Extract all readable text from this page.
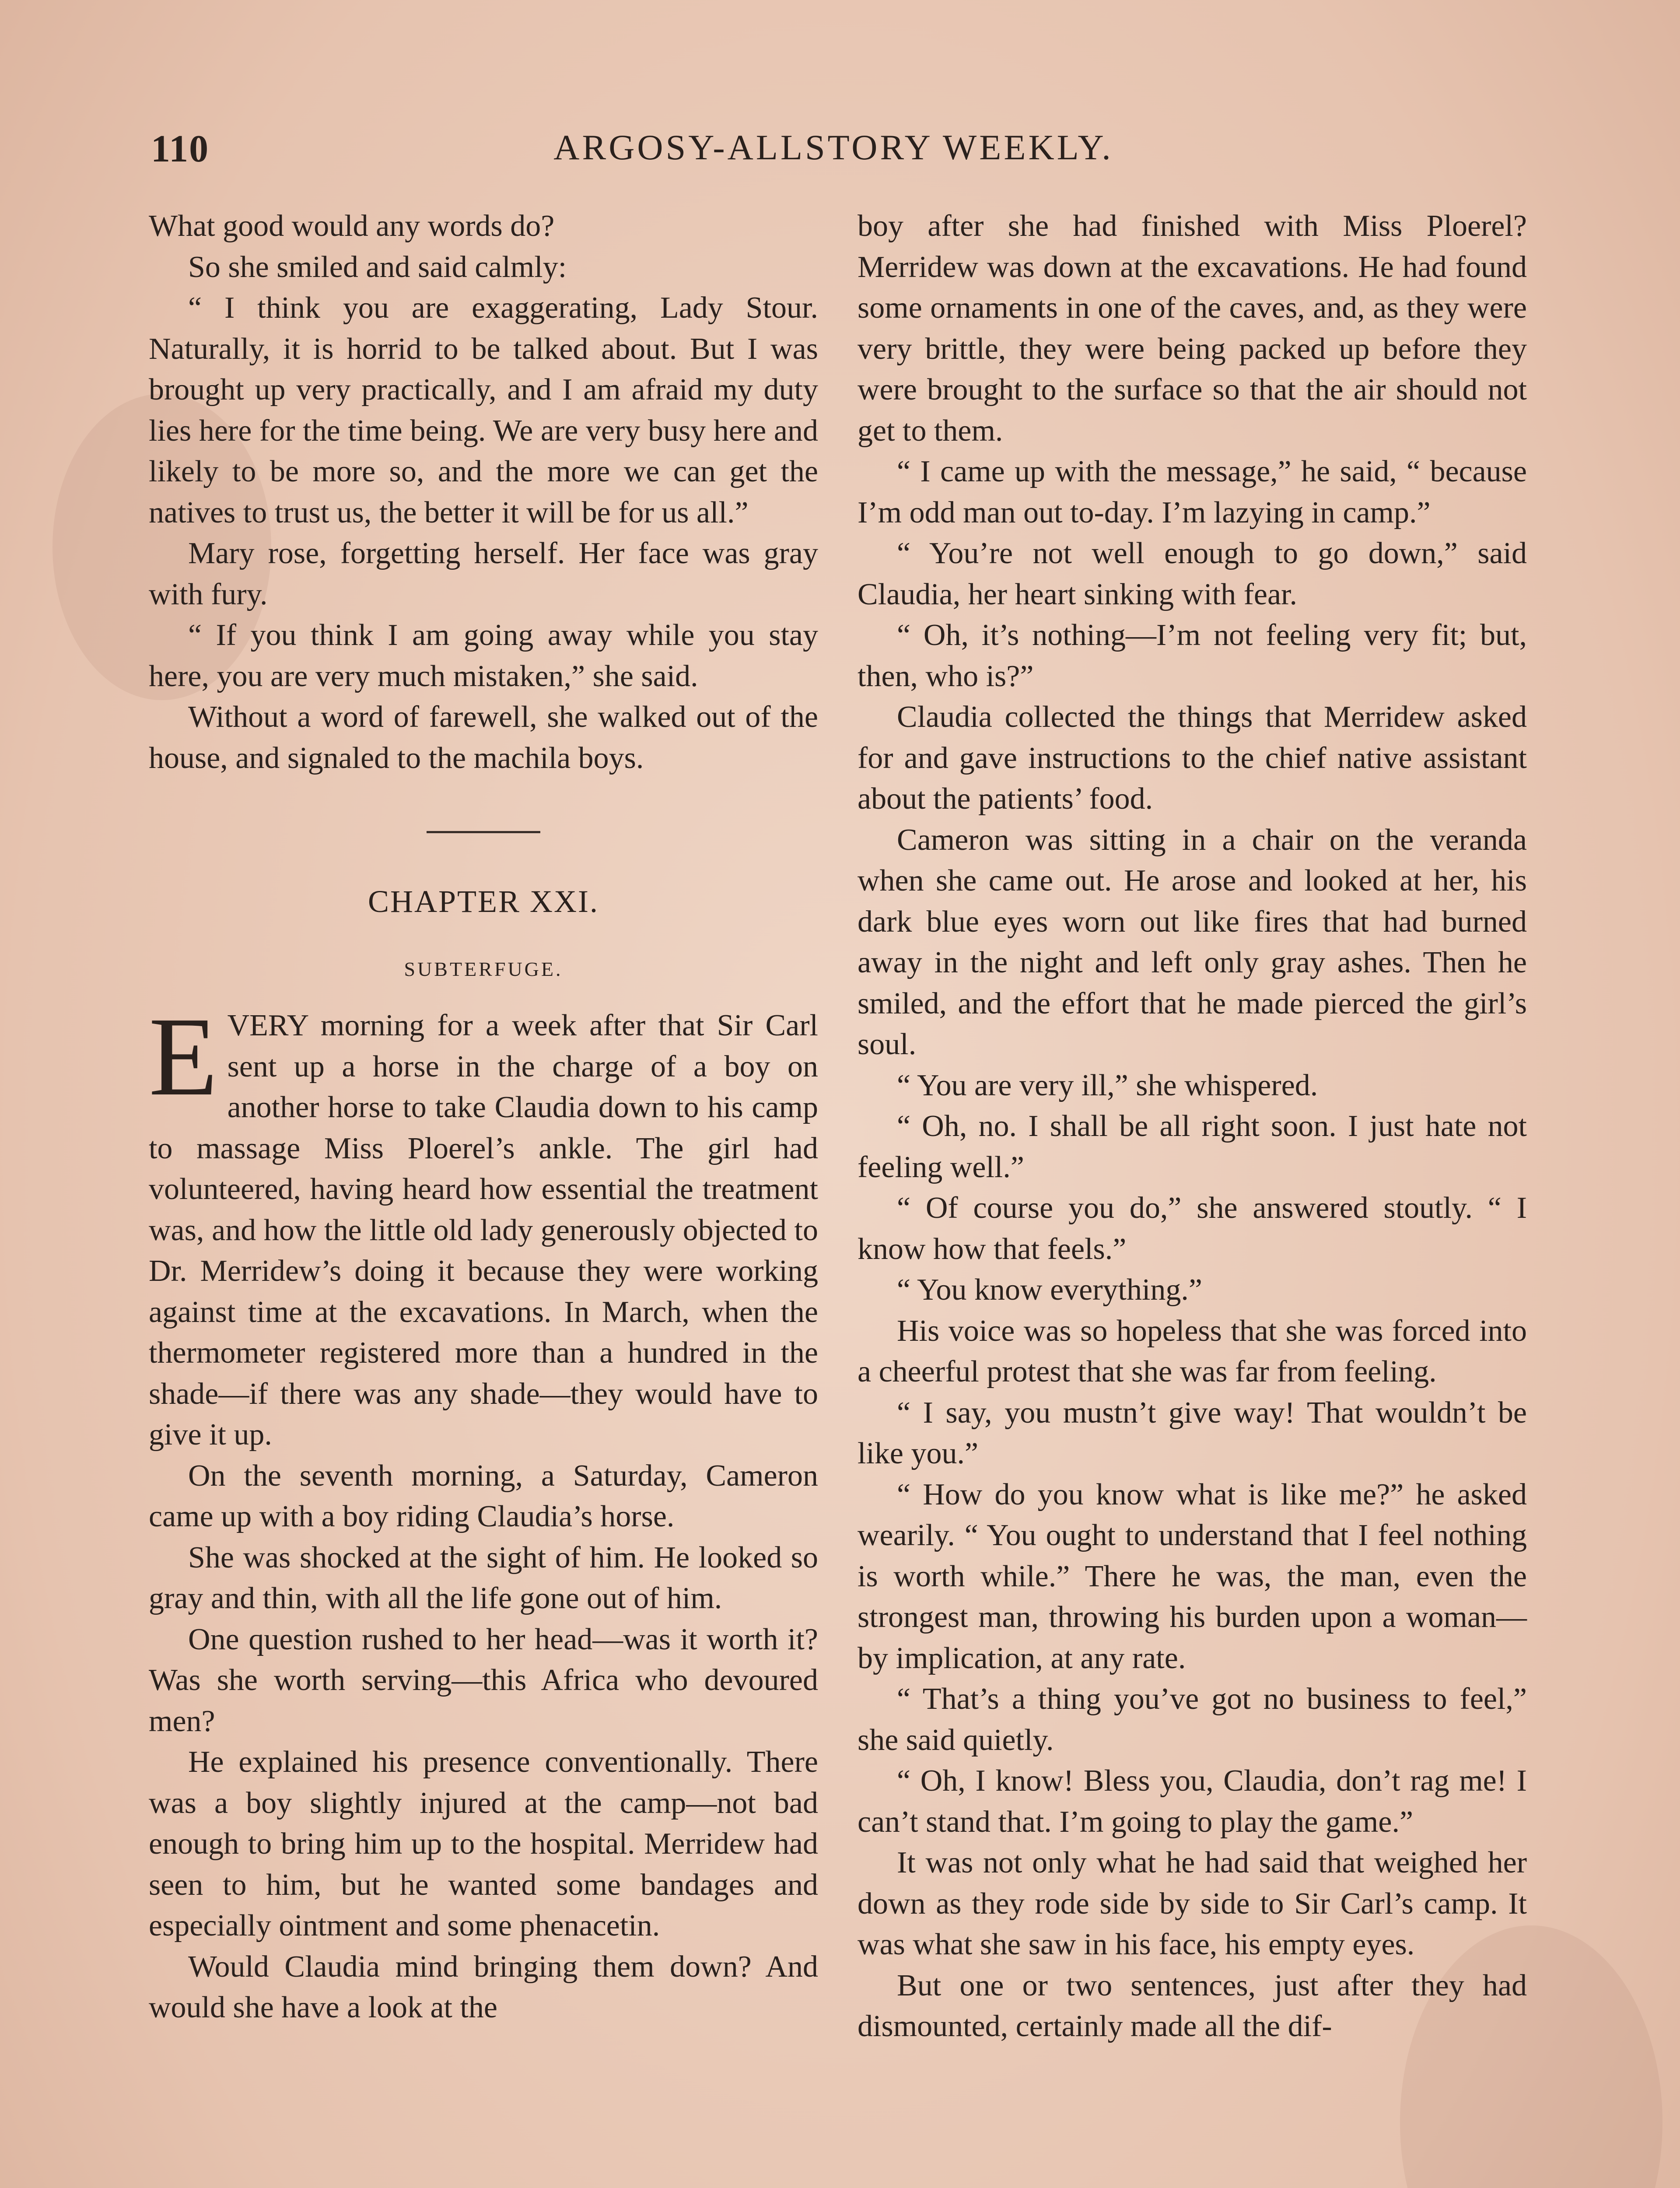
110	ARGOSY-ALLSTORY WEEKLY.

What good would any words do?

So she smiled and said calmly:

“ I think you are exaggerating, Lady Stour. Naturally, it is horrid to be talked about. But I was brought up very practically, and I am afraid my duty lies here for the time being. We are very busy here and likely to be more so, and the more we can get the natives to trust us, the better it will be for us all.”

Mary rose, forgetting herself. Her face was gray with fury.

“ If you think I am going away while you stay here, you are very much mistaken,” she said.

Without a word of farewell, she walked out of the house, and signaled to the machila boys.

CHAPTER XXI.
SUBTERFUGE.

EVERY morning for a week after that Sir Carl sent up a horse in the charge of a boy on another horse to take Claudia down to his camp to massage Miss Ploerel’s ankle. The girl had volunteered, having heard how essential the treatment was, and how the little old lady generously objected to Dr. Merridew’s doing it because they were working against time at the excavations. In March, when the thermometer registered more than a hundred in the shade—if there was any shade—they would have to give it up.

On the seventh morning, a Saturday, Cameron came up with a boy riding Claudia’s horse.

She was shocked at the sight of him. He looked so gray and thin, with all the life gone out of him.

One question rushed to her head—was it worth it? Was she worth serving—this Africa who devoured men?

He explained his presence conventionally. There was a boy slightly injured at the camp—not bad enough to bring him up to the hospital. Merridew had seen to him, but he wanted some bandages and especially ointment and some phenacetin.

Would Claudia mind bringing them down? And would she have a look at the

boy after she had finished with Miss Ploerel? Merridew was down at the excavations. He had found some ornaments in one of the caves, and, as they were very brittle, they were being packed up before they were brought to the surface so that the air should not get to them.

“ I came up with the message,” he said, “ because I’m odd man out to-day. I’m lazying in camp.”

“ You’re not well enough to go down,” said Claudia, her heart sinking with fear.

“ Oh, it’s nothing—I’m not feeling very fit; but, then, who is?”

Claudia collected the things that Merridew asked for and gave instructions to the chief native assistant about the patients’ food.

Cameron was sitting in a chair on the veranda when she came out. He arose and looked at her, his dark blue eyes worn out like fires that had burned away in the night and left only gray ashes. Then he smiled, and the effort that he made pierced the girl’s soul.

“ You are very ill,” she whispered.

“ Oh, no. I shall be all right soon. I just hate not feeling well.”

“ Of course you do,” she answered stoutly. “ I know how that feels.”

“ You know everything.”

His voice was so hopeless that she was forced into a cheerful protest that she was far from feeling.

“ I say, you mustn’t give way! That wouldn’t be like you.”

“ How do you know what is like me?” he asked wearily. “ You ought to understand that I feel nothing is worth while.” There he was, the man, even the strongest man, throwing his burden upon a woman—by implication, at any rate.

“ That’s a thing you’ve got no business to feel,” she said quietly.

“ Oh, I know! Bless you, Claudia, don’t rag me! I can’t stand that. I’m going to play the game.”

It was not only what he had said that weighed her down as they rode side by side to Sir Carl’s camp. It was what she saw in his face, his empty eyes.

But one or two sentences, just after they had dismounted, certainly made all the dif-
